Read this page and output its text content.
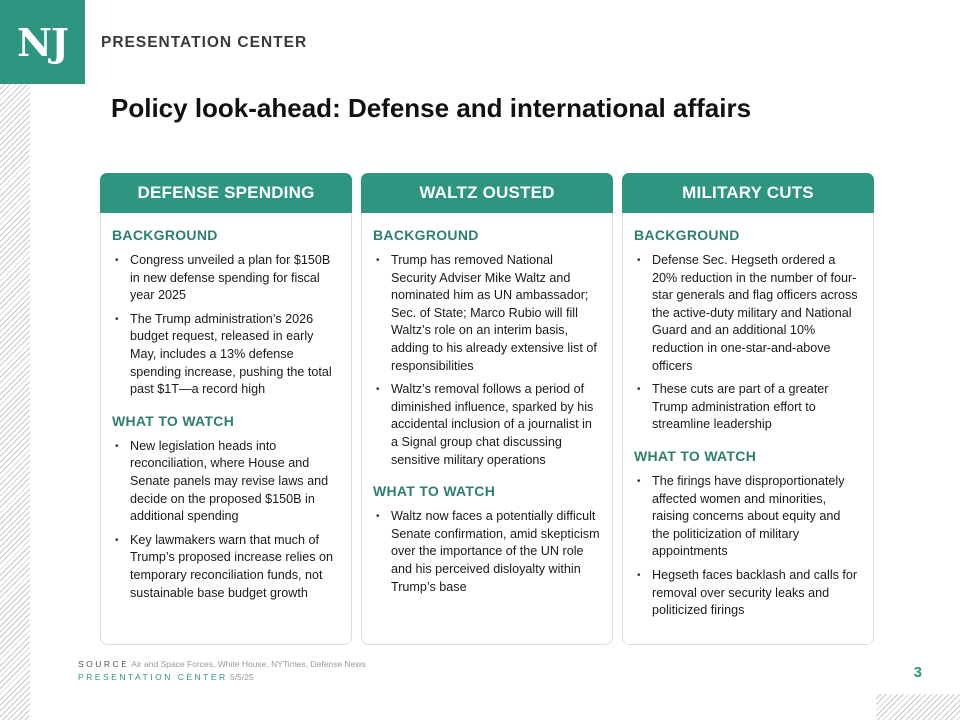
NJ	PRESENTATION CENTER
Policy look-ahead: Defense and international affairs
DEFENSE SPENDING
BACKGROUND
• Congress unveiled a plan for $150B in new defense spending for fiscal year 2025
• The Trump administration’s 2026 budget request, released in early May, includes a 13% defense spending increase, pushing the total past $1T—a record high
WHAT TO WATCH
• New legislation heads into reconciliation, where House and Senate panels may revise laws and decide on the proposed $150B in additional spending
• Key lawmakers warn that much of Trump’s proposed increase relies on temporary reconciliation funds, not sustainable base budget growth
WALTZ OUSTED
BACKGROUND
• Trump has removed National Security Adviser Mike Waltz and nominated him as UN ambassador; Sec. of State; Marco Rubio will fill Waltz’s role on an interim basis, adding to his already extensive list of responsibilities
• Waltz’s removal follows a period of diminished influence, sparked by his accidental inclusion of a journalist in a Signal group chat discussing sensitive military operations
WHAT TO WATCH
• Waltz now faces a potentially difficult Senate confirmation, amid skepticism over the importance of the UN role and his perceived disloyalty within Trump’s base
MILITARY CUTS
BACKGROUND
• Defense Sec. Hegseth ordered a 20% reduction in the number of four-star generals and flag officers across the active-duty military and National Guard and an additional 10% reduction in one-star-and-above officers
• These cuts are part of a greater Trump administration effort to streamline leadership
WHAT TO WATCH
• The firings have disproportionately affected women and minorities, raising concerns about equity and the politicization of military appointments
• Hegseth faces backlash and calls for removal over security leaks and politicized firings
SOURCE Air and Space Forces, White House, NYTimes, Defense News
PRESENTATION CENTER 5/5/25	3
